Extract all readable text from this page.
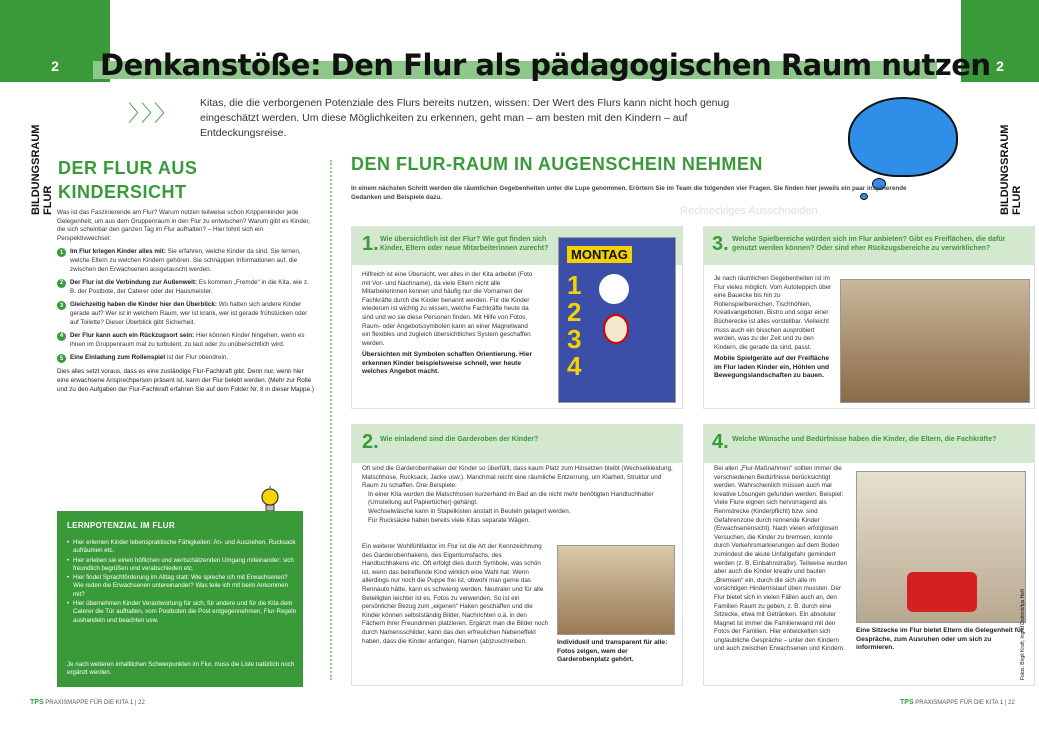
2	2
Denkanstöße: Den Flur als pädagogischen Raum nutzen
BILDUNGSRAUM FLUR	BILDUNGSRAUM FLUR
〉〉〉 Kitas, die die verborgenen Potenziale des Flurs bereits nutzen, wissen: Der Wert des Flurs kann nicht hoch genug eingeschätzt werden. Um diese Möglichkeiten zu erkennen, geht man – am besten mit den Kindern – auf Entdeckungsreise.
Rechteckiges Ausschneiden
DER FLUR AUS
KINDERSICHT

Was ist das Faszinierende am Flur? Warum nutzen teilweise schon Krippenkinder jede Gelegenheit, um aus dem Gruppenraum in den Flur zu entwischen? Warum gibt es Kinder, die sich scheinbar den ganzen Tag im Flur aufhalten? – Hier lohnt sich ein Perspektivwechsel:

1	Im Flur kriegen Kinder alles mit: Sie erfahren, welche Kinder da sind. Sie lernen, welche Eltern zu welchen Kindern gehören. Sie schnappen Informationen auf, die zwischen den Erwachsenen ausgetauscht werden.
2	Der Flur ist die Verbindung zur Außenwelt: Es kommen „Fremde“ in die Kita, wie z. B. der Postbote, der Caterer oder der Hausmeister.
3	Gleichzeitig haben die Kinder hier den Überblick: Wo halten sich andere Kinder gerade auf? Wer ist in welchem Raum, wer ist krank, wer ist gerade frühstücken oder auf Toilette? Dieser Überblick gibt Sicherheit.
4	Der Flur kann auch ein Rückzugsort sein: Hier können Kinder hingehen, wenn es ihnen im Gruppenraum mal zu turbulent, zu laut oder zu unübersichtlich wird.
5	Eine Einladung zum Rollenspiel ist der Flur obendrein.

Dies alles setzt voraus, dass es eine zuständige Flur-Fachkraft gibt. Denn nur, wenn hier eine erwachsene Ansprechperson präsent ist, kann der Flur belebt werden. (Mehr zur Rolle und zu den Aufgaben der Flur-Fachkraft erfahren Sie auf dem Folder Nr. 8 in dieser Mappe.)

LERNPOTENZIAL IM FLUR
• Hier erlernen Kinder lebenspraktische Fähigkeiten: An- und Ausziehen, Rucksack aufräumen etc.
• Hier erleben sie einen höflichen und wertschätzenden Umgang miteinander: sich freundlich begrüßen und verabschieden etc.
• Hier findet Sprachförderung im Alltag statt: Wie spreche ich mit Erwachsenen? Wie reden die Erwachsenen untereinander? Was teile ich mit beim Ankommen mit?
• Hier übernehmen Kinder Verantwortung für sich, für andere und für die Kita dem Caterer die Tür aufhalten, vom Postboten die Post entgegennehmen, Flur-Regeln aushandeln und beachten usw.
Je nach weiteren inhaltlichen Schwerpunkten im Flur, muss die Liste natürlich noch ergänzt werden.
DEN FLUR-RAUM IN AUGENSCHEIN NEHMEN
In einem nächsten Schritt werden die räumlichen Gegebenheiten unter die Lupe genommen. Erörtern Sie im Team die folgenden vier Fragen. Sie finden hier jeweils ein paar inspirierende Gedanken und Beispiele dazu.
1. Wie übersichtlich ist der Flur? Wie gut finden sich Kinder, Eltern oder neue Mitarbeiterinnen zurecht?
Hilfreich ist eine Übersicht, wer alles in der Kita arbeitet (Foto mit Vor- und Nachname), da viele Eltern nicht alle Mitarbeiterinnen kennen und häufig nur die Vornamen der Fachkräfte durch die Kinder benannt werden. Für die Kinder wiederum ist wichtig zu wissen, welche Fachkräfte heute da sind und wo sie diese Personen finden. Mit Hilfe von Fotos, Raum- oder Angebotssymbolen kann an einer Magnetwand ein flexibles und zugleich übersichtliches System geschaffen werden.
Übersichten mit Symbolen schaffen Orientierung. Hier erkennen Kinder beispielsweise schnell, wer heute welches Angebot macht.
MONTAG
1
2
3
4
3. Welche Spielbereiche würden sich im Flur anbieten? Gibt es Freiflächen, die dafür genutzt werden können? Oder sind eher Rückzugsbereiche zu verwirklichen?
Je nach räumlichen Gegebenheiten ist im Flur vieles möglich. Vom Autoteppich über eine Bauecke bis hin zu Rollenspielbereichen, Tischhöhlen, Kreativangeboten, Bistro und sogar einer Bücherecke ist alles vorstellbar. Vielleicht muss auch ein bisschen ausprobiert werden, was zu der Zeit und zu den Kindern, die gerade da sind, passt.
Mobile Spielgeräte auf der Freifläche im Flur laden Kinder ein, Höhlen und Bewegungslandschaften zu bauen.
2. Wie einladend sind die Garderoben der Kinder?
Oft sind die Garderobenhaken der Kinder so überfüllt, dass kaum Platz zum Hinsetzen bleibt (Wechselkleidung, Matschhose, Rucksack, Jacke usw.). Manchmal reicht eine räumliche Entzerrung, um Klarheit, Struktur und Raum zu schaffen. Drei Beispiele:
In einer Kita wurden die Matschhosen kurzerhand im Bad an die nicht mehr benötigten Handtuchhalter (Umstellung auf Papiertücher) gehängt.
Wechselwäsche kann in Stapelkisten anstatt in Beuteln gelagert werden.
Für Rucksäcke haben bereits viele Kitas separate Wägen.
Ein weiterer Wohlfühlfaktor im Flur ist die Art der Kennzeichnung des Garderobenhakens, des Eigentumsfachs, des Handtuchhakens etc. Oft erfolgt dies durch Symbole, was schön ist, wenn das betreffende Kind wirklich eine Wahl hat. Wenn allerdings nur noch die Puppe frei ist, obwohl man gerne das Rennauto hätte, kann es schwierig werden. Neutraler und für alle Beteiligten leichter ist es, Fotos zu verwenden. So ist ein persönlicher Bezug zum „eigenen“ Haken geschaffen und die Kinder können selbstständig Bilder, Nachrichten o.ä. in den Fächern ihrer Freundinnen platzieren. Ergänzt man die Bilder noch durch Namensschilder, kann das den erfreulichen Nebeneffekt haben, dass die Kinder anfangen, Namen (ab)zuschreiben.	Individuell und transparent für alle: Fotos zeigen, wem der Garderobenplatz gehört.
4. Welche Wünsche und Bedürfnisse haben die Kinder, die Eltern, die Fachkräfte?
Bei allen „Flur-Maßnahmen“ sollten immer die verschiedenen Bedürfnisse berücksichtigt werden. Wahrscheinlich müssen auch mal kreative Lösungen gefunden werden. Beispiel: Viele Flure eignen sich hervorragend als Rennstrecke (Kinderpflicht) bzw. sind Gefahrenzone durch rennende Kinder (Erwachsenensicht). Nach vielen erfolglosen Versuchen, die Kinder zu bremsen, konnte durch Verkehrsmarkierungen auf dem Boden zumindest die akute Unfallgefahr gemindert werden (z. B. Einbahnstraße). Teilweise wurden aber auch die Kinder kreativ und bauten „Bremsen“ ein, durch die sich alle im vorsichtigen Hindernislauf üben mussten. Der Flur bietet sich in vielen Fällen auch an, den Familien Raum zu geben, z. B. durch eine Sitzecke, etwa mit Getränken. Ein absoluter Magnet ist immer die Familienwand mit den Fotos der Familien. Hier entwickelten sich unglaubliche Gespräche – unter den Kindern und auch zwischen Erwachsenen und Kindern.
Eine Sitzecke im Flur bietet Eltern die Gelegenheit für Gespräche, zum Ausruhen oder um sich zu informieren.	Fotos: Birgit Kraft; Ingrid Dobrick/tps Heft
TPS PRAXISMAPPE FÜR DIE KITA 1 | 22	TPS PRAXISMAPPE FÜR DIE KITA 1 | 22
